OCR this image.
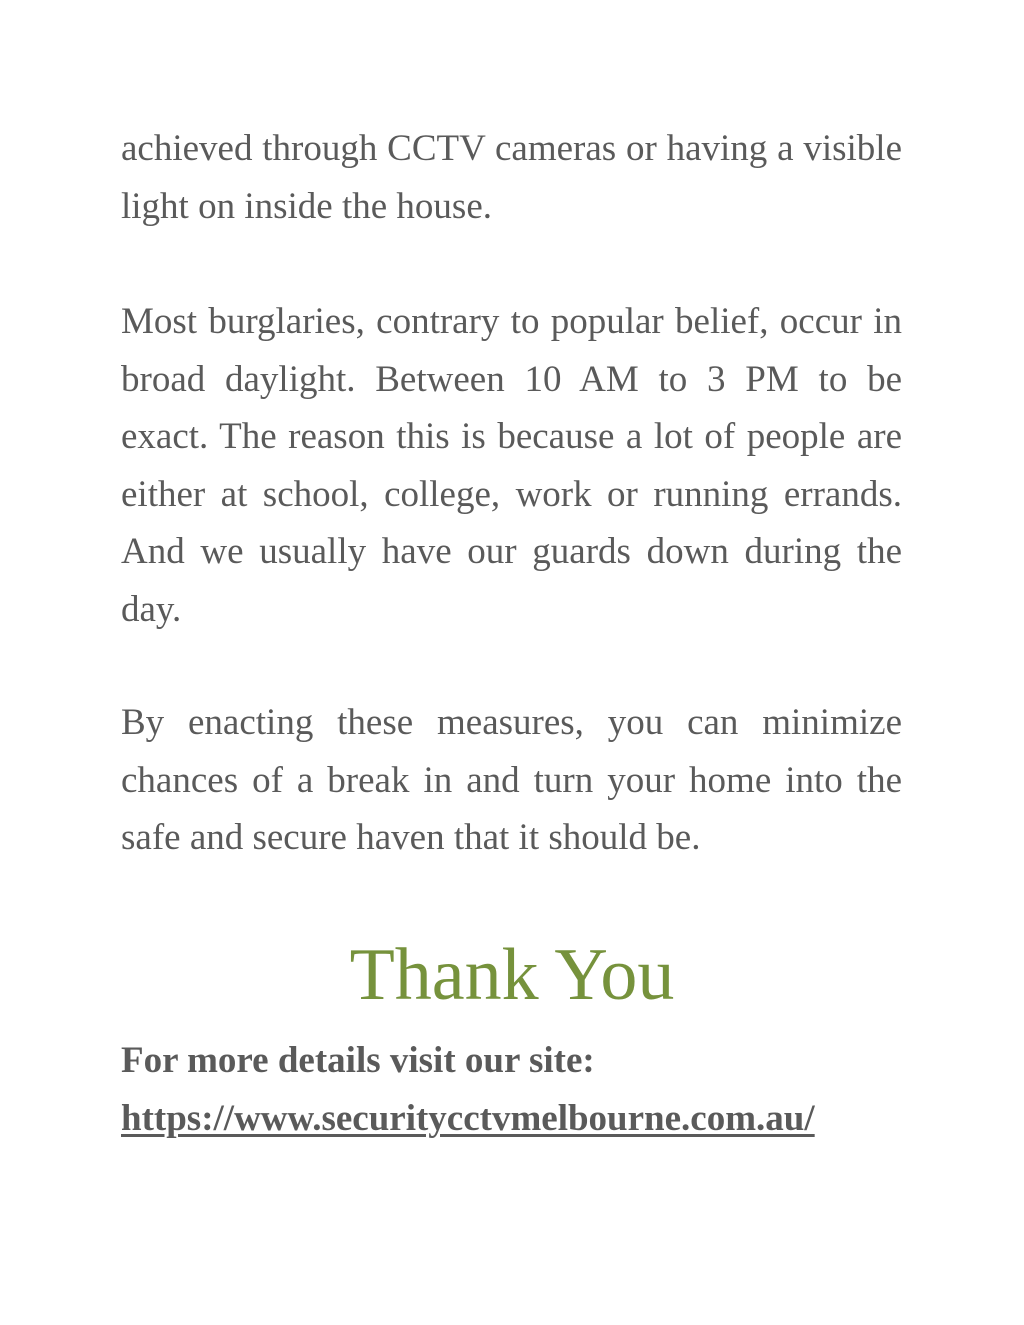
achieved through CCTV cameras or having a visible light on inside the house.

Most burglaries, contrary to popular belief, occur in broad daylight. Between 10 AM to 3 PM to be exact. The reason this is because a lot of people are either at school, college, work or running errands. And we usually have our guards down during the day.

By enacting these measures, you can minimize chances of a break in and turn your home into the safe and secure haven that it should be.

Thank You

For more details visit our site:

https://www.securitycctvmelbourne.com.au/
